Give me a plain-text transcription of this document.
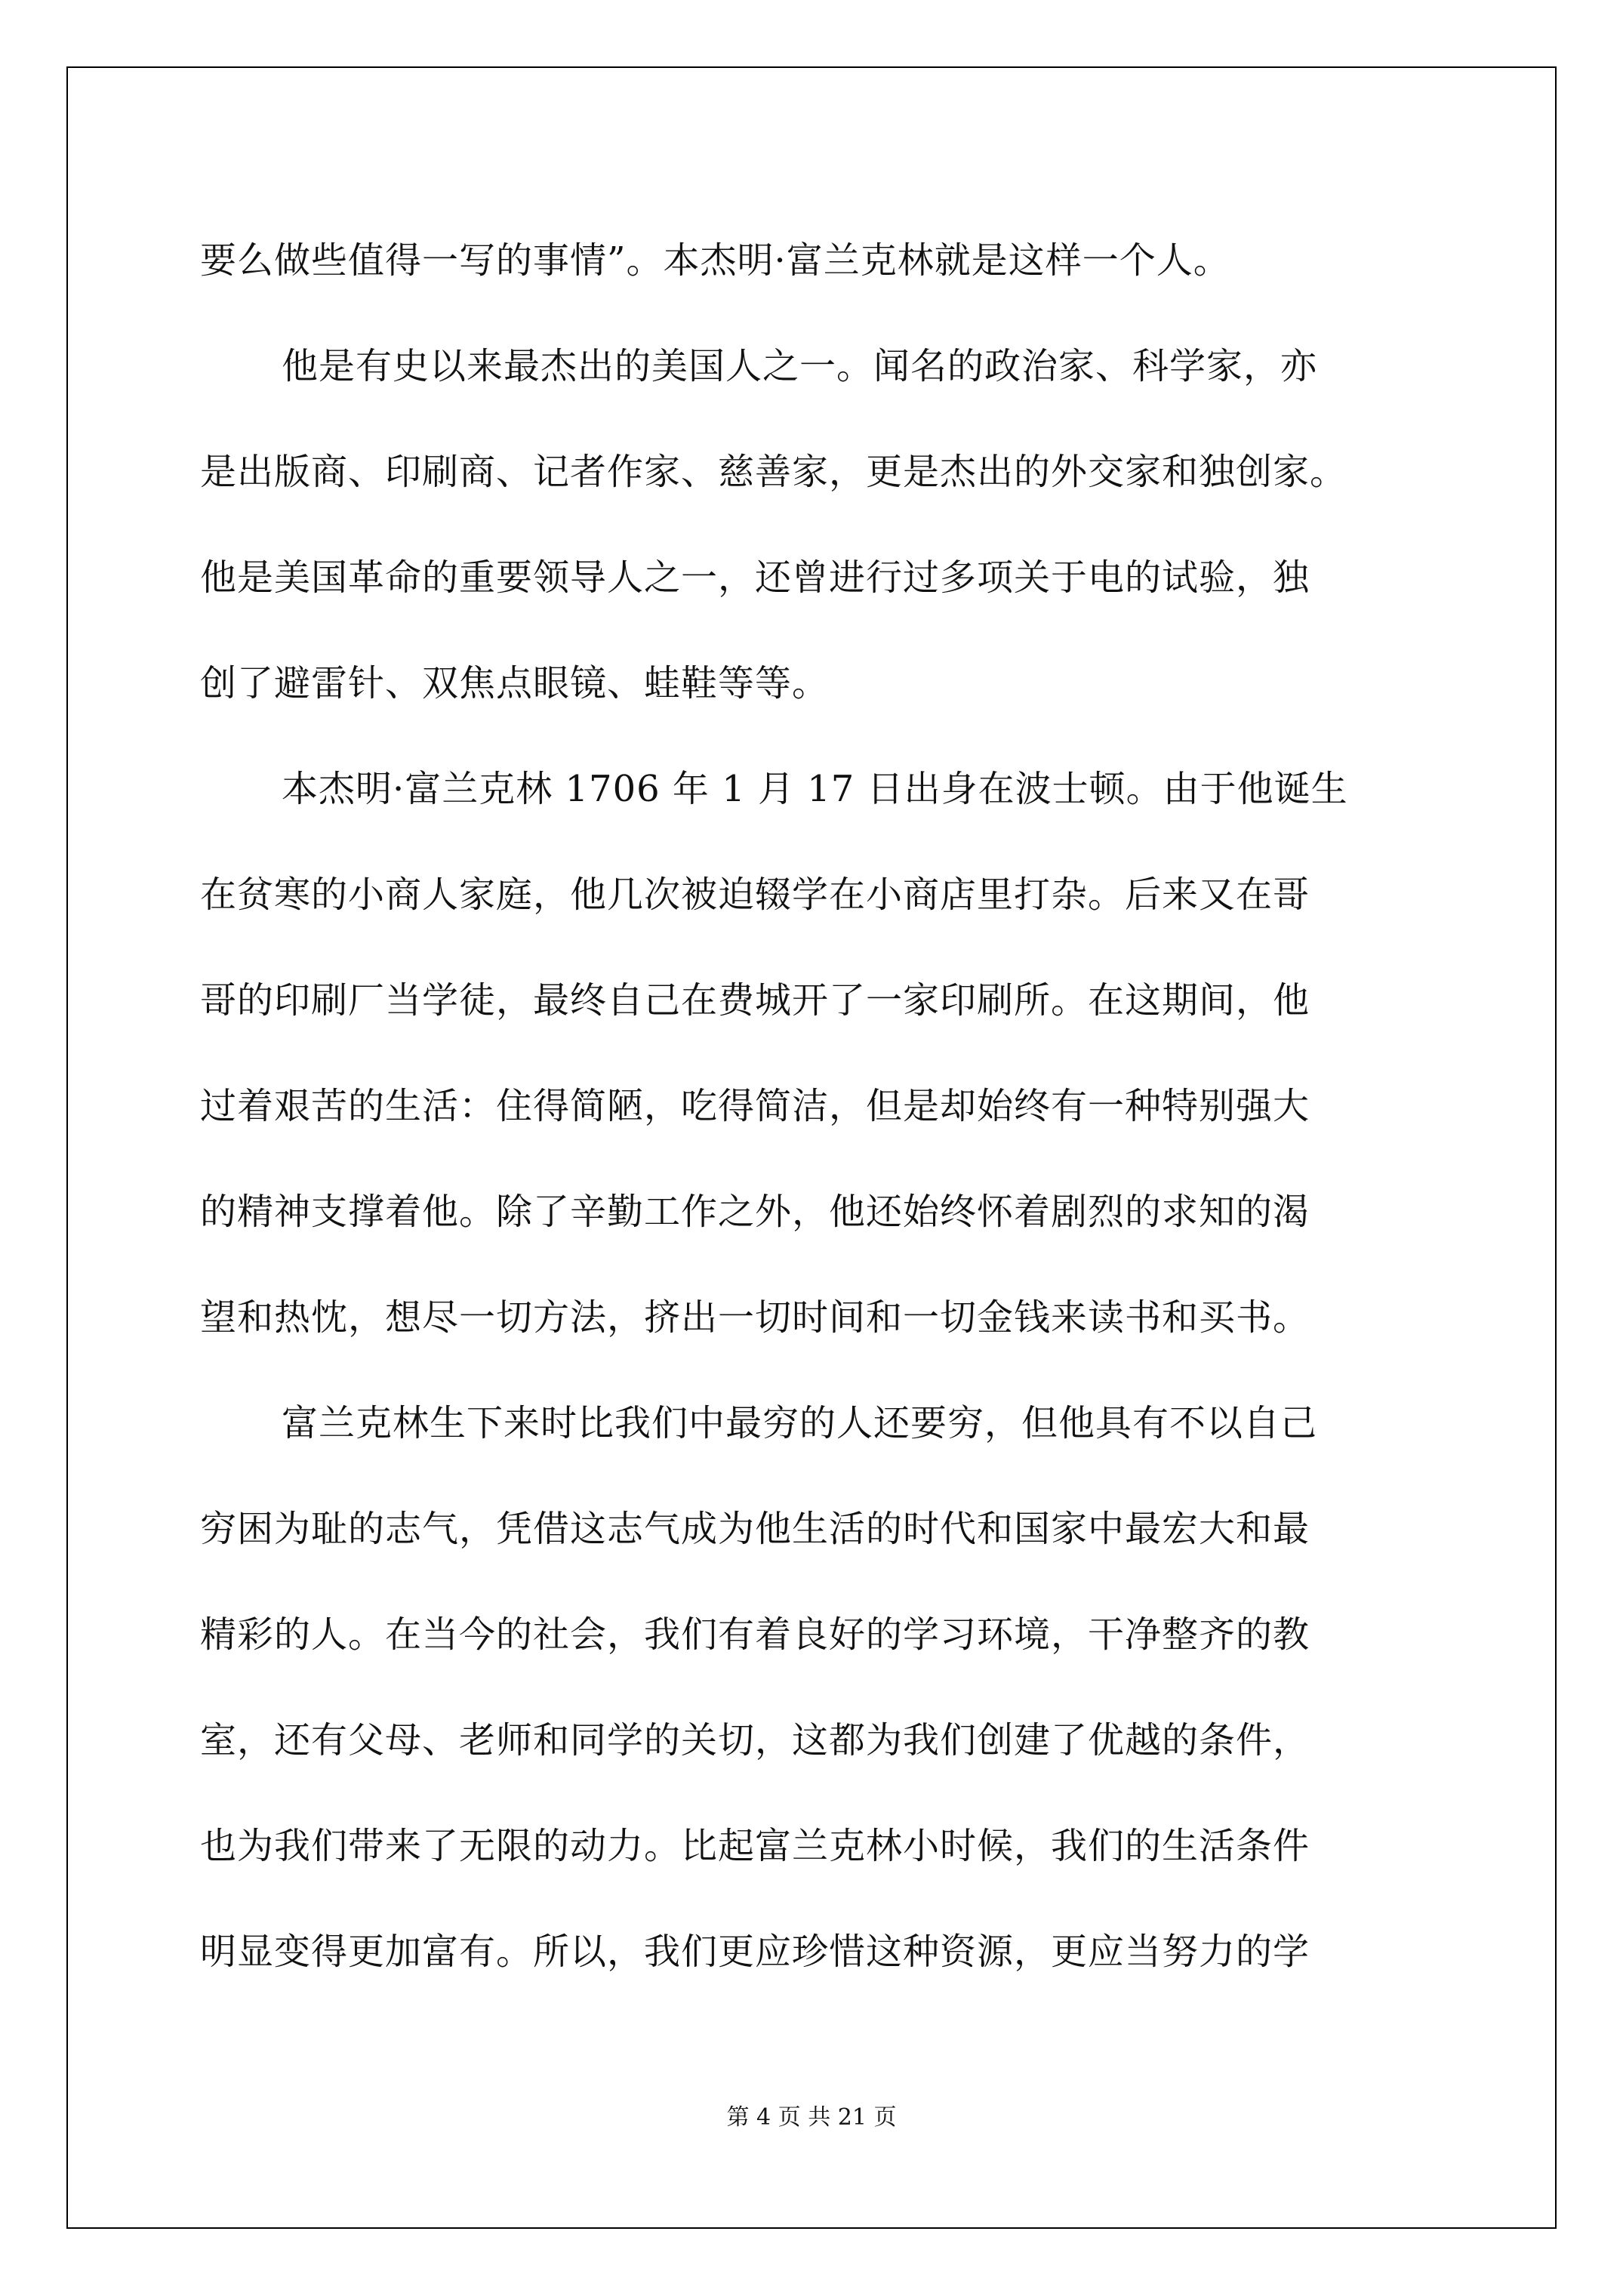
要么做些值得一写的事情”。本杰明·富兰克林就是这样一个人。
他是有史以来最杰出的美国人之一。闻名的政治家、科学家，亦
是出版商、印刷商、记者作家、慈善家，更是杰出的外交家和独创家。
他是美国革命的重要领导人之一，还曾进行过多项关于电的试验，独
创了避雷针、双焦点眼镜、蛙鞋等等。
本杰明·富兰克林 1706 年 1 月 17 日出身在波士顿。由于他诞生
在贫寒的小商人家庭，他几次被迫辍学在小商店里打杂。后来又在哥
哥的印刷厂当学徒，最终自己在费城开了一家印刷所。在这期间，他
过着艰苦的生活：住得简陋，吃得简洁，但是却始终有一种特别强大
的精神支撑着他。除了辛勤工作之外，他还始终怀着剧烈的求知的渴
望和热忱，想尽一切方法，挤出一切时间和一切金钱来读书和买书。
富兰克林生下来时比我们中最穷的人还要穷，但他具有不以自己
穷困为耻的志气，凭借这志气成为他生活的时代和国家中最宏大和最
精彩的人。在当今的社会，我们有着良好的学习环境，干净整齐的教
室，还有父母、老师和同学的关切，这都为我们创建了优越的条件，
也为我们带来了无限的动力。比起富兰克林小时候，我们的生活条件
明显变得更加富有。所以，我们更应珍惜这种资源，更应当努力的学
第 4 页 共 21 页
